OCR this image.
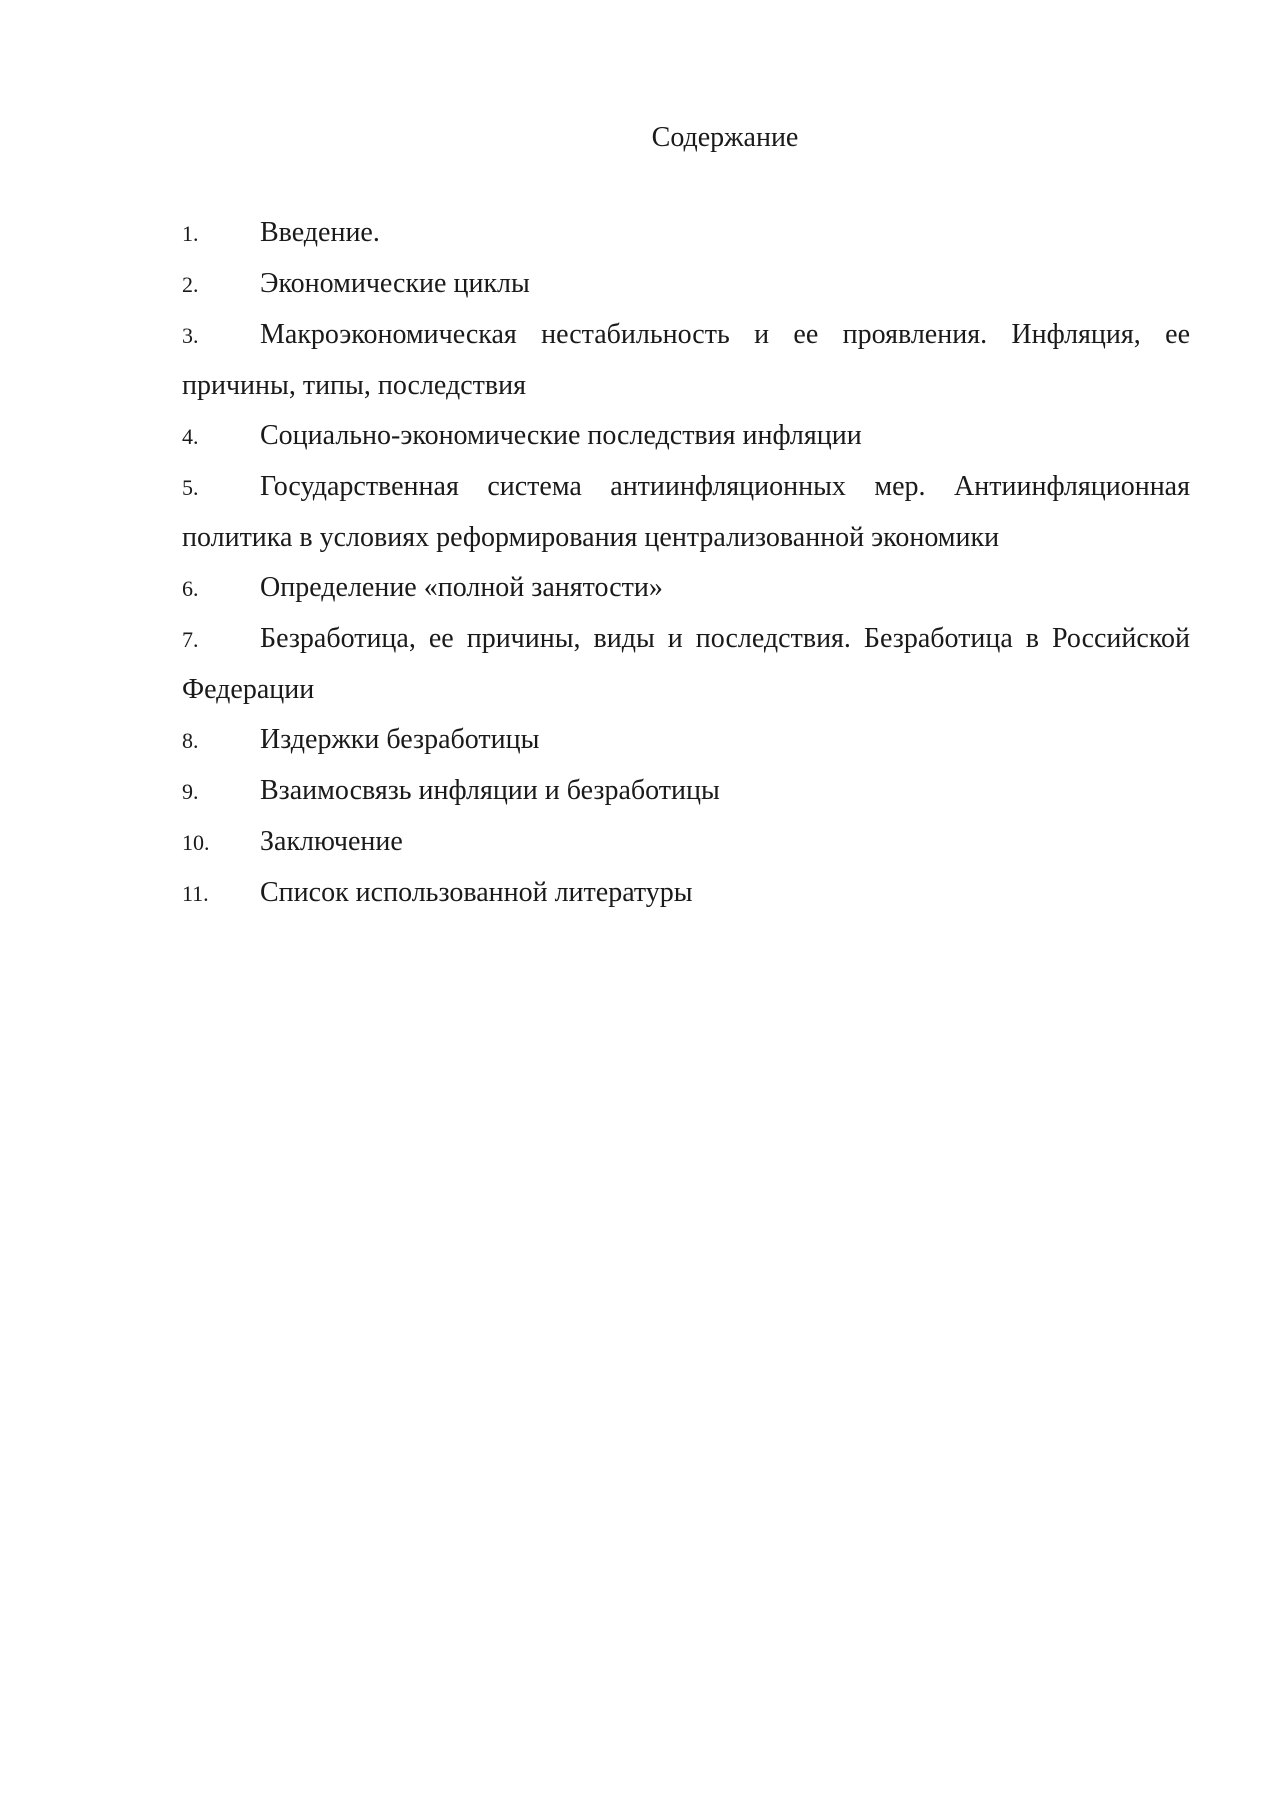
Содержание
1. Введение.
2. Экономические циклы
3. Макроэкономическая нестабильность и ее проявления. Инфляция, ее причины, типы, последствия
4. Социально-экономические последствия инфляции
5. Государственная система антиинфляционных мер. Антиинфляционная политика в условиях реформирования централизованной экономики
6. Определение «полной занятости»
7. Безработица, ее причины, виды и последствия. Безработица в Российской Федерации
8. Издержки безработицы
9. Взаимосвязь инфляции и безработицы
10. Заключение
11. Список использованной литературы
